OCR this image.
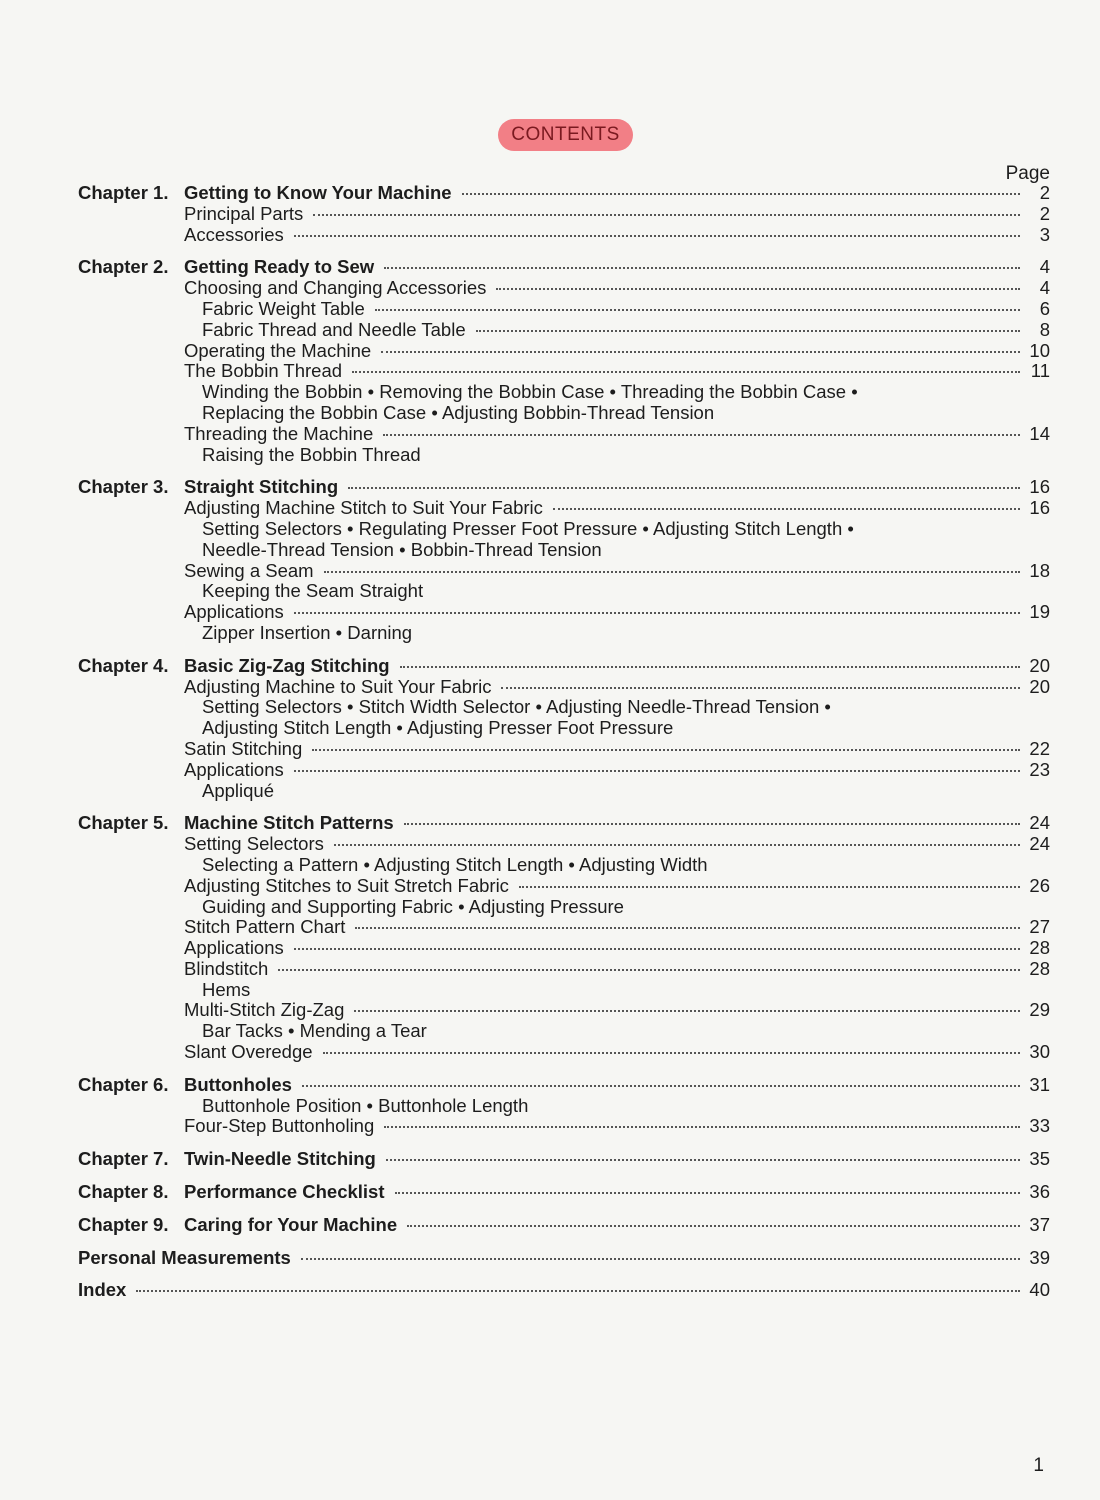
CONTENTS
Page
Chapter 1. Getting to Know Your Machine	2
Principal Parts	2
Accessories	3
Chapter 2. Getting Ready to Sew	4
Choosing and Changing Accessories	4
Fabric Weight Table	6
Fabric Thread and Needle Table	8
Operating the Machine	10
The Bobbin Thread	11
Winding the Bobbin • Removing the Bobbin Case • Threading the Bobbin Case •
Replacing the Bobbin Case • Adjusting Bobbin-Thread Tension
Threading the Machine	14
Raising the Bobbin Thread
Chapter 3. Straight Stitching	16
Adjusting Machine Stitch to Suit Your Fabric	16
Setting Selectors • Regulating Presser Foot Pressure • Adjusting Stitch Length •
Needle-Thread Tension • Bobbin-Thread Tension
Sewing a Seam	18
Keeping the Seam Straight
Applications	19
Zipper Insertion • Darning
Chapter 4. Basic Zig-Zag Stitching	20
Adjusting Machine to Suit Your Fabric	20
Setting Selectors • Stitch Width Selector • Adjusting Needle-Thread Tension •
Adjusting Stitch Length • Adjusting Presser Foot Pressure
Satin Stitching	22
Applications	23
Appliqué
Chapter 5. Machine Stitch Patterns	24
Setting Selectors	24
Selecting a Pattern • Adjusting Stitch Length • Adjusting Width
Adjusting Stitches to Suit Stretch Fabric	26
Guiding and Supporting Fabric • Adjusting Pressure
Stitch Pattern Chart	27
Applications	28
Blindstitch	28
Hems
Multi-Stitch Zig-Zag	29
Bar Tacks • Mending a Tear
Slant Overedge	30
Chapter 6. Buttonholes	31
Buttonhole Position • Buttonhole Length
Four-Step Buttonholing	33
Chapter 7. Twin-Needle Stitching	35
Chapter 8. Performance Checklist	36
Chapter 9. Caring for Your Machine	37
Personal Measurements	39
Index	40
1
